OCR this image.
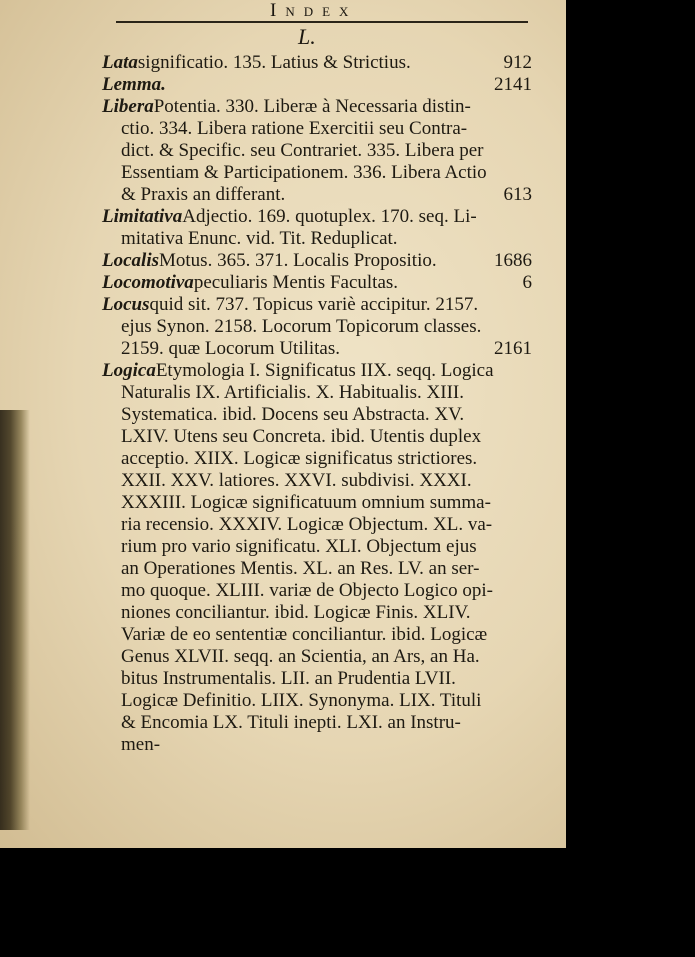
Index
L.
Latasignificatio. 135. Latius & Strictius.	912
Lemma.	2141
LiberaPotentia. 330. Liberæ à Necessaria distin-
ctio. 334. Libera ratione Exercitii seu Contra-
dict. & Specific. seu Contrariet. 335. Libera per
Essentiam & Participationem. 336. Libera Actio
& Praxis an differant.	613
LimitativaAdjectio. 169. quotuplex. 170. seq. Li-
mitativa Enunc. vid. Tit. Reduplicat.
LocalisMotus. 365. 371. Localis Propositio.	1686
Locomotivapeculiaris Mentis Facultas.	6
Locusquid sit. 737. Topicus variè accipitur. 2157.
ejus Synon. 2158. Locorum Topicorum classes.
2159. quæ Locorum Utilitas.	2161
LogicaEtymologia I. Significatus IIX. seqq. Logica
Naturalis IX. Artificialis. X. Habitualis. XIII.
Systematica. ibid. Docens seu Abstracta. XV.
LXIV. Utens seu Concreta. ibid. Utentis duplex
acceptio. XIIX. Logicæ significatus strictiores.
XXII. XXV. latiores. XXVI. subdivisi. XXXI.
XXXIII. Logicæ significatuum omnium summa-
ria recensio. XXXIV. Logicæ Objectum. XL. va-
rium pro vario significatu. XLI. Objectum ejus
an Operationes Mentis. XL. an Res. LV. an ser-
mo quoque. XLIII. variæ de Objecto Logico opi-
niones conciliantur. ibid. Logicæ Finis. XLIV.
Variæ de eo sententiæ conciliantur. ibid. Logicæ
Genus XLVII. seqq. an Scientia, an Ars, an Ha.
bitus Instrumentalis. LII. an Prudentia LVII.
Logicæ Definitio. LIIX. Synonyma. LIX. Tituli
& Encomia LX. Tituli inepti. LXI. an Instru-
men-
